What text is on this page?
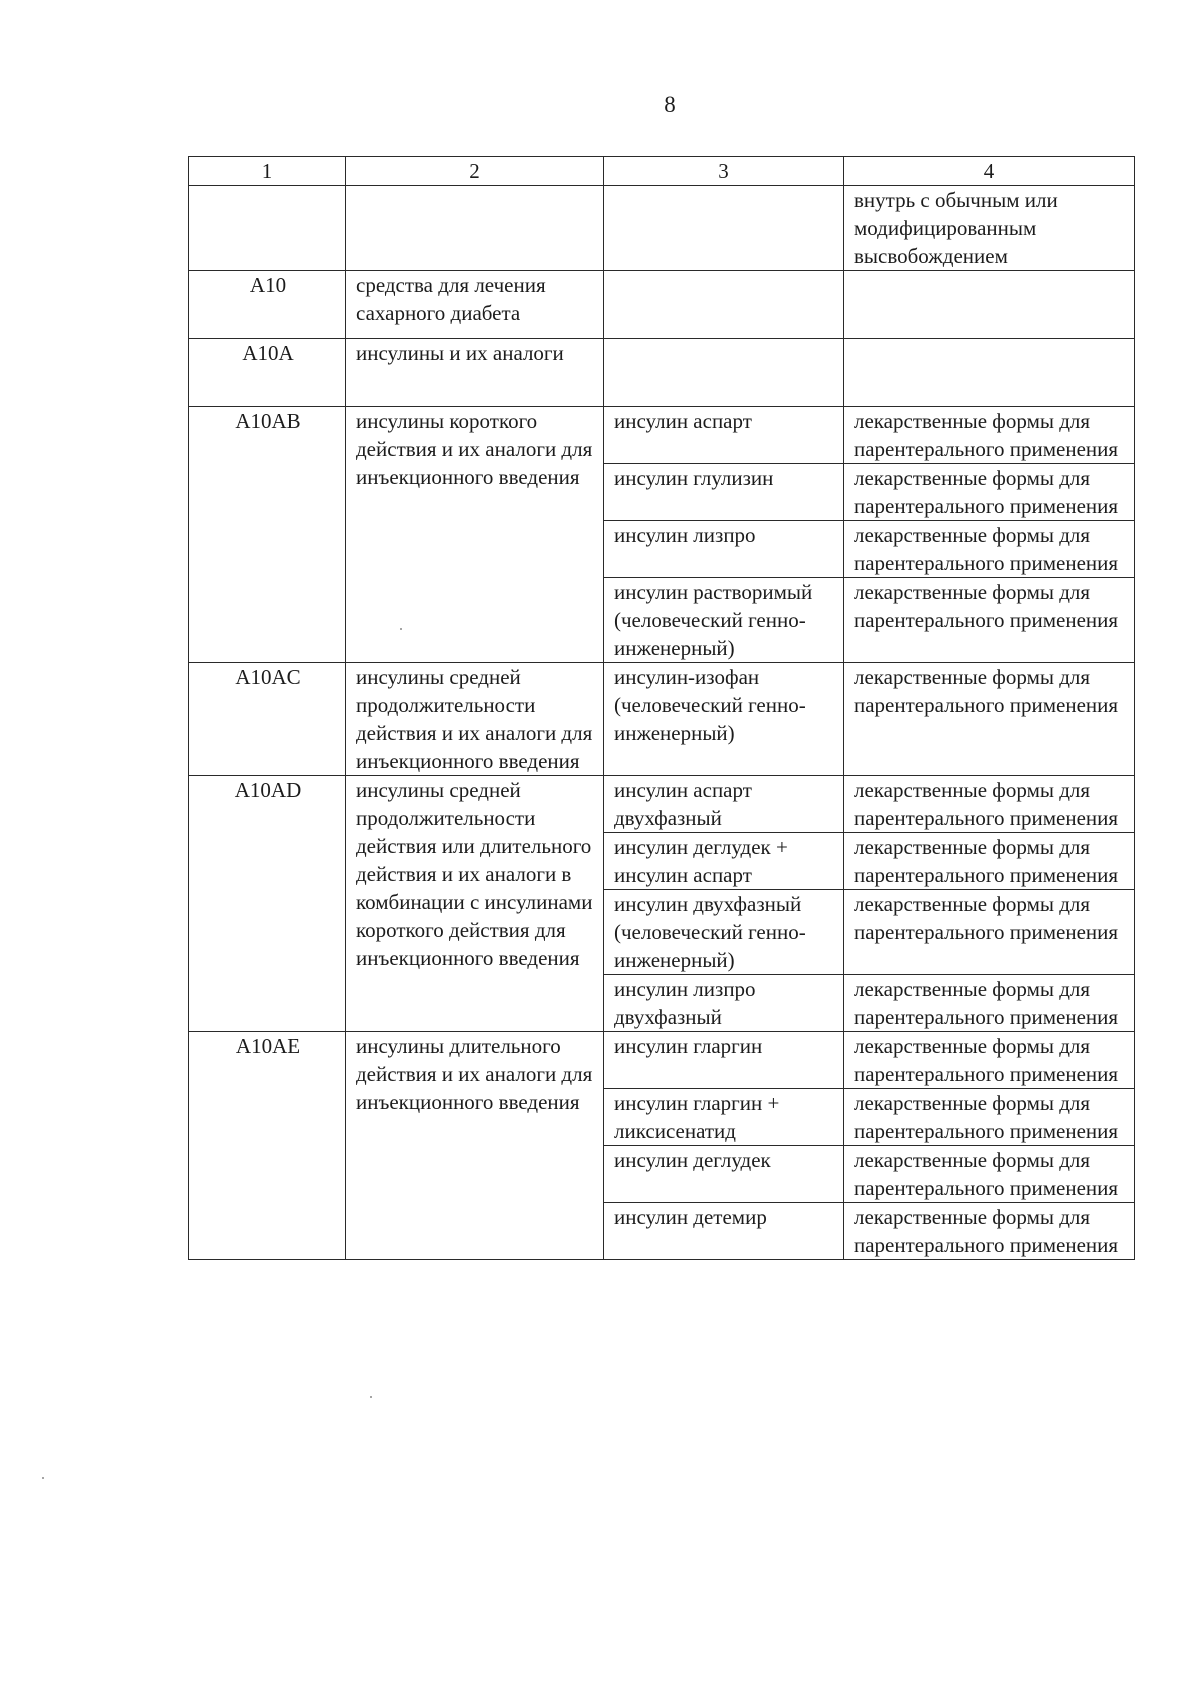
8
1	2	3	4
			внутрь с обычным или модифицированным высвобождением
A10	средства для лечения сахарного диабета		
A10A	инсулины и их аналоги		
A10AB	инсулины короткого действия и их аналоги для инъекционного введения	инсулин аспарт	лекарственные формы для парентерального применения
		инсулин глулизин	лекарственные формы для парентерального применения
		инсулин лизпро	лекарственные формы для парентерального применения
		инсулин растворимый (человеческий генно-инженерный)	лекарственные формы для парентерального применения
A10AC	инсулины средней продолжительности действия и их аналоги для инъекционного введения	инсулин-изофан (человеческий генно-инженерный)	лекарственные формы для парентерального применения
A10AD	инсулины средней продолжительности действия или длительного действия и их аналоги в комбинации с инсулинами короткого действия для инъекционного введения	инсулин аспарт двухфазный	лекарственные формы для парентерального применения
		инсулин деглудек + инсулин аспарт	лекарственные формы для парентерального применения
		инсулин двухфазный (человеческий генно-инженерный)	лекарственные формы для парентерального применения
		инсулин лизпро двухфазный	лекарственные формы для парентерального применения
A10AE	инсулины длительного действия и их аналоги для инъекционного введения	инсулин гларгин	лекарственные формы для парентерального применения
		инсулин гларгин + ликсисенатид	лекарственные формы для парентерального применения
		инсулин деглудек	лекарственные формы для парентерального применения
		инсулин детемир	лекарственные формы для парентерального применения
